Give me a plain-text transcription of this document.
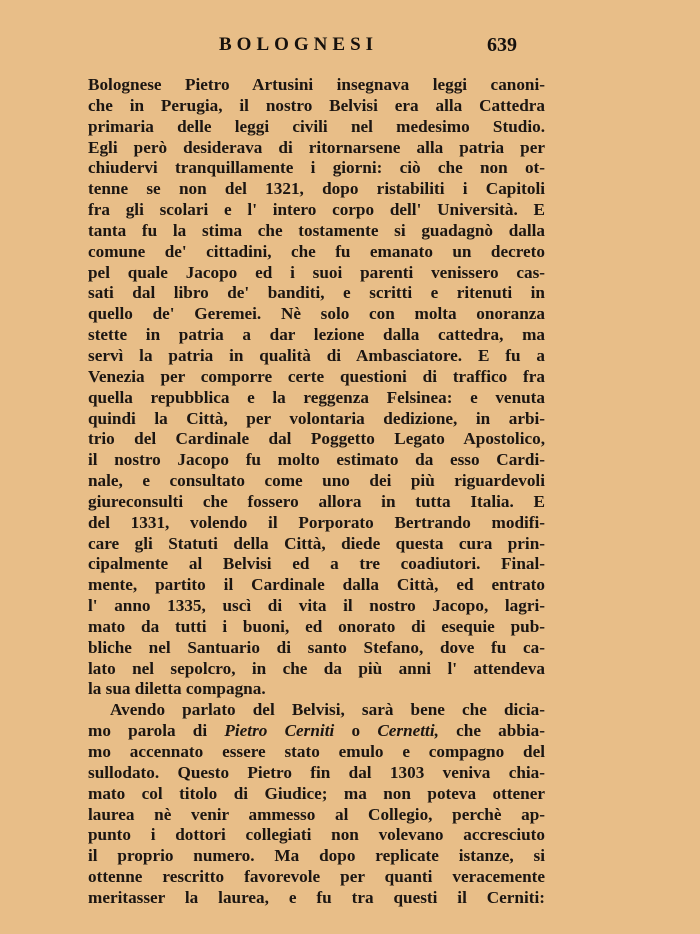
BOLOGNESI	639
Bolognese Pietro Artusini insegnava leggi canoni-
che in Perugia, il nostro Belvisi era alla Cattedra
primaria delle leggi civili nel medesimo Studio.
Egli però desiderava di ritornarsene alla patria per
chiudervi tranquillamente i giorni: ciò che non ot-
tenne se non del 1321, dopo ristabiliti i Capitoli
fra gli scolari e l' intero corpo dell' Università. E
tanta fu la stima che tostamente si guadagnò dalla
comune de' cittadini, che fu emanato un decreto
pel quale Jacopo ed i suoi parenti venissero cas-
sati dal libro de' banditi, e scritti e ritenuti in
quello de' Geremei. Nè solo con molta onoranza
stette in patria a dar lezione dalla cattedra, ma
servì la patria in qualità di Ambasciatore. E fu a
Venezia per comporre certe questioni di traffico fra
quella repubblica e la reggenza Felsinea: e venuta
quindi la Città, per volontaria dedizione, in arbi-
trio del Cardinale dal Poggetto Legato Apostolico,
il nostro Jacopo fu molto estimato da esso Cardi-
nale, e consultato come uno dei più riguardevoli
giureconsulti che fossero allora in tutta Italia. E
del 1331, volendo il Porporato Bertrando modifi-
care gli Statuti della Città, diede questa cura prin-
cipalmente al Belvisi ed a tre coadiutori. Final-
mente, partito il Cardinale dalla Città, ed entrato
l' anno 1335, uscì di vita il nostro Jacopo, lagri-
mato da tutti i buoni, ed onorato di esequie pub-
bliche nel Santuario di santo Stefano, dove fu ca-
lato nel sepolcro, in che da più anni l' attendeva
la sua diletta compagna.
Avendo parlato del Belvisi, sarà bene che dicia-
mo parola di Pietro Cerniti o Cernetti, che abbia-
mo accennato essere stato emulo e compagno del
sullodato. Questo Pietro fin dal 1303 veniva chia-
mato col titolo di Giudice; ma non poteva ottener
laurea nè venir ammesso al Collegio, perchè ap-
punto i dottori collegiati non volevano accresciuto
il proprio numero. Ma dopo replicate istanze, si
ottenne rescritto favorevole per quanti veracemente
meritasser la laurea, e fu tra questi il Cerniti:
